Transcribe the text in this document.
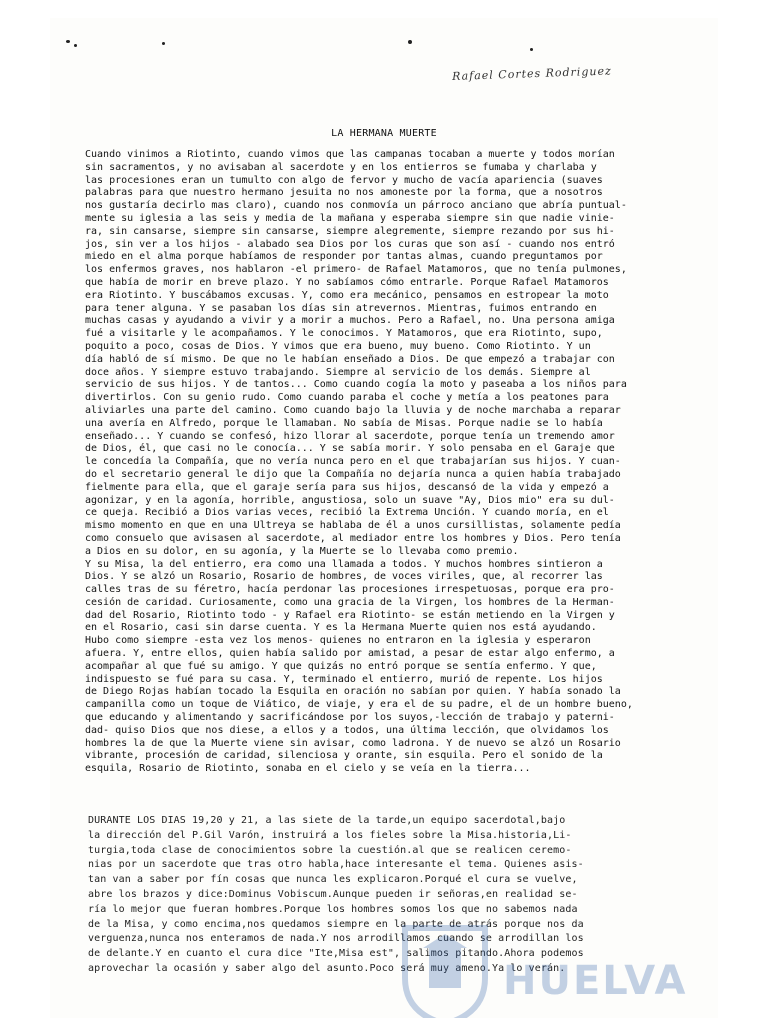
Rafael Cortes Rodriguez
LA HERMANA MUERTE
Cuando vinimos a Riotinto, cuando vimos que las campanas tocaban a muerte y todos morían
sin sacramentos, y no avisaban al sacerdote y en los entierros se fumaba y charlaba y
las procesiones eran un tumulto con algo de fervor y mucho de vacía apariencia (suaves
palabras para que nuestro hermano jesuita no nos amoneste por la forma, que a nosotros
nos gustaría decirlo mas claro), cuando nos conmovía un párroco anciano que abría puntual-
mente su iglesia a las seis y media de la mañana y esperaba siempre sin que nadie vinie-
ra, sin cansarse, siempre sin cansarse, siempre alegremente, siempre rezando por sus hi-
jos, sin ver a los hijos - alabado sea Dios por los curas que son así - cuando nos entró
miedo en el alma porque habíamos de responder por tantas almas, cuando preguntamos por
los enfermos graves, nos hablaron -el primero- de Rafael Matamoros, que no tenía pulmones,
que había de morir en breve plazo. Y no sabíamos cómo entrarle. Porque Rafael Matamoros
era Riotinto. Y buscábamos excusas. Y, como era mecánico, pensamos en estropear la moto
para tener alguna. Y se pasaban los días sin atrevernos. Mientras, fuimos entrando en
muchas casas y ayudando a vivir y a morir a muchos. Pero a Rafael, no. Una persona amiga
fué a visitarle y le acompañamos. Y le conocimos. Y Matamoros, que era Riotinto, supo,
poquito a poco, cosas de Dios. Y vimos que era bueno, muy bueno. Como Riotinto. Y un
día habló de sí mismo. De que no le habían enseñado a Dios. De que empezó a trabajar con
doce años. Y siempre estuvo trabajando. Siempre al servicio de los demás. Siempre al
servicio de sus hijos. Y de tantos... Como cuando cogía la moto y paseaba a los niños para
divertirlos. Con su genio rudo. Como cuando paraba el coche y metía a los peatones para
aliviarles una parte del camino. Como cuando bajo la lluvia y de noche marchaba a reparar
una avería en Alfredo, porque le llamaban. No sabía de Misas. Porque nadie se lo había
enseñado... Y cuando se confesó, hizo llorar al sacerdote, porque tenía un tremendo amor
de Dios, él, que casi no le conocía... Y se sabía morir. Y solo pensaba en el Garaje que
le concedía la Compañía, que no vería nunca pero en el que trabajarían sus hijos. Y cuan-
do el secretario general le dijo que la Compañía no dejaría nunca a quien había trabajado
fielmente para ella, que el garaje sería para sus hijos, descansó de la vida y empezó a
agonizar, y en la agonía, horrible, angustiosa, solo un suave "Ay, Dios mio" era su dul-
ce queja. Recibió a Dios varias veces, recibió la Extrema Unción. Y cuando moría, en el
mismo momento en que en una Ultreya se hablaba de él a unos cursillistas, solamente pedía
como consuelo que avisasen al sacerdote, al mediador entre los hombres y Dios. Pero tenía
a Dios en su dolor, en su agonía, y la Muerte se lo llevaba como premio.
Y su Misa, la del entierro, era como una llamada a todos. Y muchos hombres sintieron a
Dios. Y se alzó un Rosario, Rosario de hombres, de voces viriles, que, al recorrer las
calles tras de su féretro, hacía perdonar las procesiones irrespetuosas, porque era pro-
cesión de caridad. Curiosamente, como una gracia de la Virgen, los hombres de la Herman-
dad del Rosario, Riotinto todo - y Rafael era Riotinto- se están metiendo en la Virgen y
en el Rosario, casi sin darse cuenta. Y es la Hermana Muerte quien nos está ayudando.
Hubo como siempre -esta vez los menos- quienes no entraron en la iglesia y esperaron
afuera. Y, entre ellos, quien había salido por amistad, a pesar de estar algo enfermo, a
acompañar al que fué su amigo. Y que quizás no entró porque se sentía enfermo. Y que,
indispuesto se fué para su casa. Y, terminado el entierro, murió de repente. Los hijos
de Diego Rojas habían tocado la Esquila en oración no sabían por quien. Y había sonado la
campanilla como un toque de Viático, de viaje, y era el de su padre, el de un hombre bueno,
que educando y alimentando y sacrificándose por los suyos,-lección de trabajo y paterni-
dad- quiso Dios que nos diese, a ellos y a todos, una última lección, que olvidamos los
hombres la de que la Muerte viene sin avisar, como ladrona. Y de nuevo se alzó un Rosario
vibrante, procesión de caridad, silenciosa y orante, sin esquila. Pero el sonido de la
esquila, Rosario de Riotinto, sonaba en el cielo y se veía en la tierra...
DURANTE LOS DIAS 19,20 y 21, a las siete de la tarde,un equipo sacerdotal,bajo
la dirección del P.Gil Varón, instruirá a los fieles sobre la Misa.historia,Li-
turgia,toda clase de conocimientos sobre la cuestión.al que se realicen ceremo-
nias por un sacerdote que tras otro habla,hace interesante el tema. Quienes asis-
tan van a saber por fín cosas que nunca les explicaron.Porqué el cura se vuelve,
abre los brazos y dice:Dominus Vobiscum.Aunque pueden ir señoras,en realidad se-
ría lo mejor que fueran hombres.Porque los hombres somos los que no sabemos nada
de la Misa, y como encima,nos quedamos siempre en la parte de atrás porque nos da
verguenza,nunca nos enteramos de nada.Y nos arrodillamos cuando se arrodillan los
de delante.Y en cuanto el cura dice "Ite,Misa est", salimos pitando.Ahora podemos
aprovechar la ocasión y saber algo del asunto.Poco será muy ameno.Ya lo verán.
HUELVA
